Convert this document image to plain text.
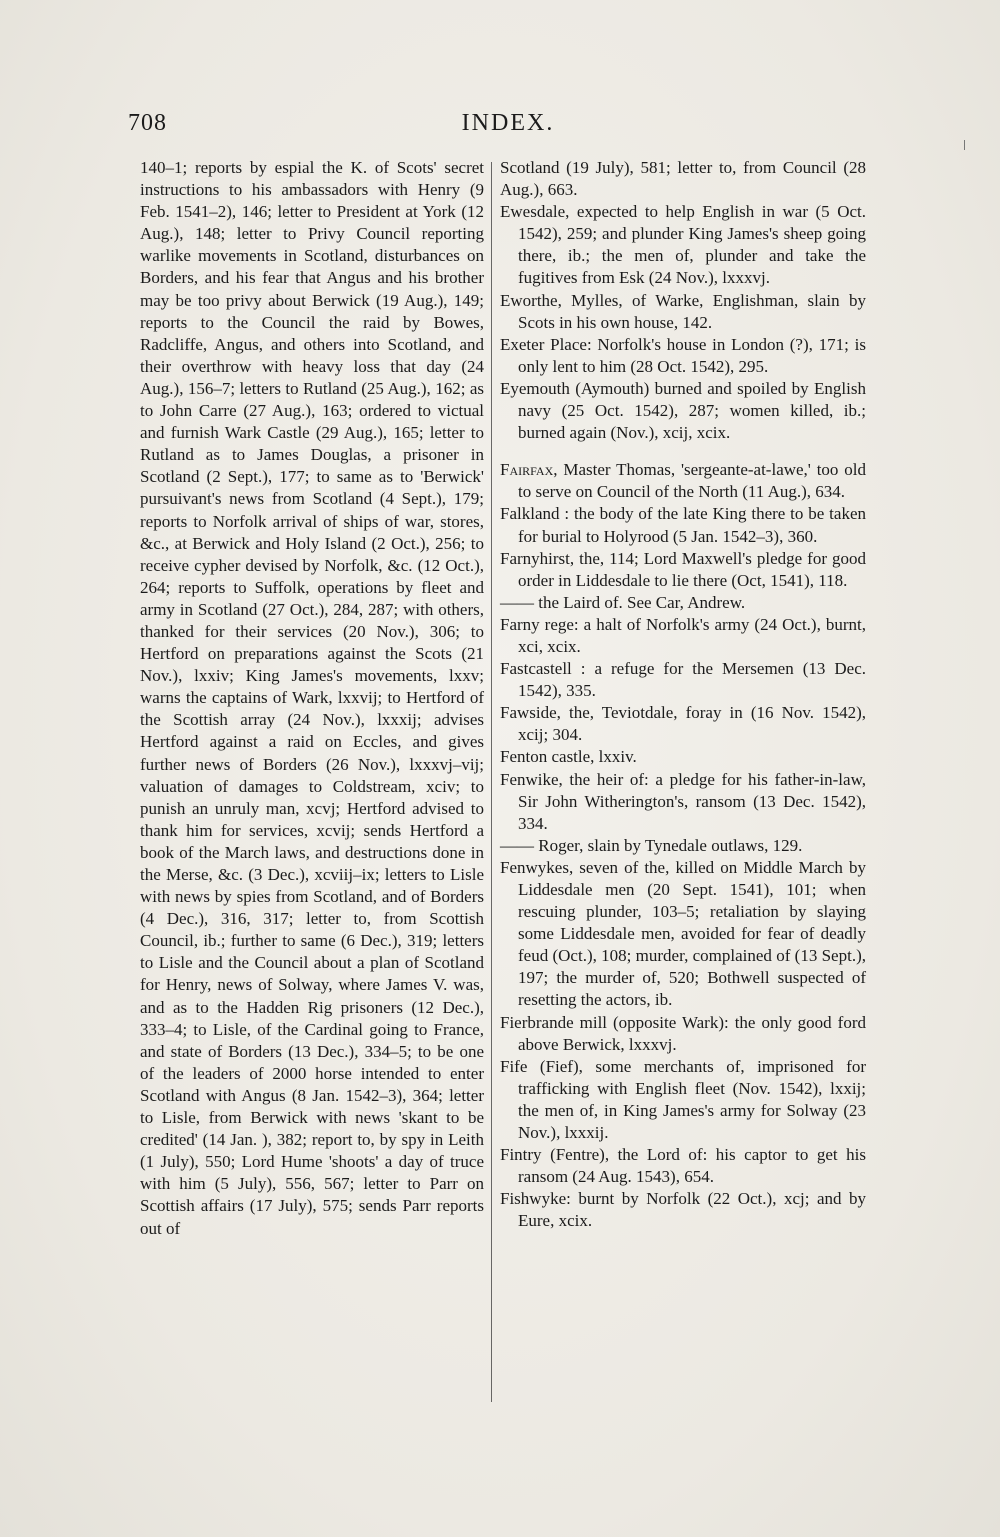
708	INDEX.

140–1; reports by espial the K. of Scots' secret instructions to his ambassadors with Henry (9 Feb. 1541–2), 146; letter to President at York (12 Aug.), 148; letter to Privy Council reporting warlike movements in Scotland, disturbances on Borders, and his fear that Angus and his brother may be too privy about Berwick (19 Aug.), 149; reports to the Council the raid by Bowes, Radcliffe, Angus, and others into Scotland, and their overthrow with heavy loss that day (24 Aug.), 156–7; letters to Rutland (25 Aug.), 162; as to John Carre (27 Aug.), 163; ordered to victual and furnish Wark Castle (29 Aug.), 165; letter to Rutland as to James Douglas, a prisoner in Scotland (2 Sept.), 177; to same as to 'Berwick' pursuivant's news from Scotland (4 Sept.), 179; reports to Norfolk arrival of ships of war, stores, &c., at Berwick and Holy Island (2 Oct.), 256; to receive cypher devised by Norfolk, &c. (12 Oct.), 264; reports to Suffolk, operations by fleet and army in Scotland (27 Oct.), 284, 287; with others, thanked for their services (20 Nov.), 306; to Hertford on preparations against the Scots (21 Nov.), lxxiv; King James's movements, lxxv; warns the captains of Wark, lxxvij; to Hertford of the Scottish array (24 Nov.), lxxxij; advises Hertford against a raid on Eccles, and gives further news of Borders (26 Nov.), lxxxvj–vij; valuation of damages to Coldstream, xciv; to punish an unruly man, xcvj; Hertford advised to thank him for services, xcvij; sends Hertford a book of the March laws, and destructions done in the Merse, &c. (3 Dec.), xcviij–ix; letters to Lisle with news by spies from Scotland, and of Borders (4 Dec.), 316, 317; letter to, from Scottish Council, ib.; further to same (6 Dec.), 319; letters to Lisle and the Council about a plan of Scotland for Henry, news of Solway, where James V. was, and as to the Hadden Rig prisoners (12 Dec.), 333–4; to Lisle, of the Cardinal going to France, and state of Borders (13 Dec.), 334–5; to be one of the leaders of 2000 horse intended to enter Scotland with Angus (8 Jan. 1542–3), 364; letter to Lisle, from Berwick with news 'skant to be credited' (14 Jan. ), 382; report to, by spy in Leith (1 July), 550; Lord Hume 'shoots' a day of truce with him (5 July), 556, 567; letter to Parr on Scottish affairs (17 July), 575; sends Parr reports out of

Scotland (19 July), 581; letter to, from Council (28 Aug.), 663.

Ewesdale, expected to help English in war (5 Oct. 1542), 259; and plunder King James's sheep going there, ib.; the men of, plunder and take the fugitives from Esk (24 Nov.), lxxxvj.

Eworthe, Mylles, of Warke, Englishman, slain by Scots in his own house, 142.

Exeter Place: Norfolk's house in London (?), 171; is only lent to him (28 Oct. 1542), 295.

Eyemouth (Aymouth) burned and spoiled by English navy (25 Oct. 1542), 287; women killed, ib.; burned again (Nov.), xcij, xcix.

Fairfax, Master Thomas, 'sergeante-at-lawe,' too old to serve on Council of the North (11 Aug.), 634.

Falkland : the body of the late King there to be taken for burial to Holyrood (5 Jan. 1542–3), 360.

Farnyhirst, the, 114; Lord Maxwell's pledge for good order in Liddesdale to lie there (Oct, 1541), 118.

—— the Laird of. See Car, Andrew.

Farny rege: a halt of Norfolk's army (24 Oct.), burnt, xci, xcix.

Fastcastell : a refuge for the Mersemen (13 Dec. 1542), 335.

Fawside, the, Teviotdale, foray in (16 Nov. 1542), xcij; 304.

Fenton castle, lxxiv.

Fenwike, the heir of: a pledge for his father-in-law, Sir John Witherington's, ransom (13 Dec. 1542), 334.

—— Roger, slain by Tynedale outlaws, 129.

Fenwykes, seven of the, killed on Middle March by Liddesdale men (20 Sept. 1541), 101; when rescuing plunder, 103–5; retaliation by slaying some Liddesdale men, avoided for fear of deadly feud (Oct.), 108; murder, complained of (13 Sept.), 197; the murder of, 520; Bothwell suspected of resetting the actors, ib.

Fierbrande mill (opposite Wark): the only good ford above Berwick, lxxxvj.

Fife (Fief), some merchants of, imprisoned for trafficking with English fleet (Nov. 1542), lxxij; the men of, in King James's army for Solway (23 Nov.), lxxxij.

Fintry (Fentre), the Lord of: his captor to get his ransom (24 Aug. 1543), 654.

Fishwyke: burnt by Norfolk (22 Oct.), xcj; and by Eure, xcix.
